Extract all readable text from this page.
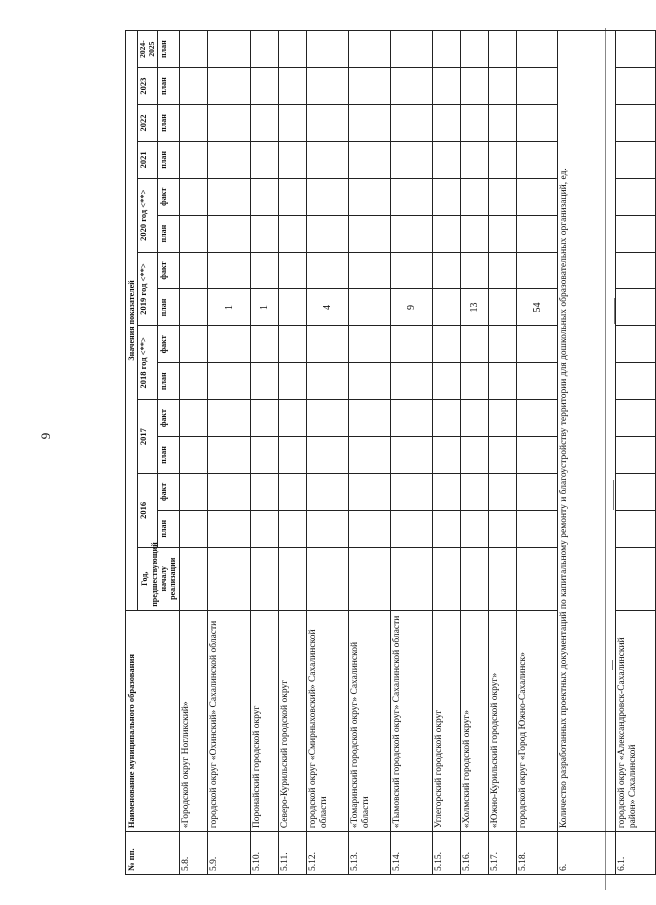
9
№ пп.	Наименование муниципального образования	Значения показателей														
		Год, предшествующий началу реализации	2016		2017		2018 год <**>		2019 год <**>		2020 год <**>		2021	2022	2023	2024-2025
			план	факт	план	факт	план	факт	план	факт	план	факт	план	план	план	план
5.8.	«Городской округ Ногликский»															
5.9.	городской округ «Охинский» Сахалинской области								1							
5.10.	Поронайский городской округ								1							
5.11.	Северо-Курильский городской округ															
5.12.	городской округ «Смирныховский» Сахалинской области								4							
5.13.	«Томаринский городской округ» Сахалинской области															
5.14.	«Тымовский городской округ» Сахалинской области								9							
5.15.	Углегорский городской округ															
5.16.	«Холмский городской округ»								13							
5.17.	«Южно-Курильский городской округ»															
5.18.	городской округ «Город Южно-Сахалинск»								54							
6.	Количество разработанных проектных документаций по капитальному ремонту и благоустройству территории для дошкольных образовательных организаций, ед.															
6.1.	городской округ «Александровск-Сахалинский район» Сахалинской															
